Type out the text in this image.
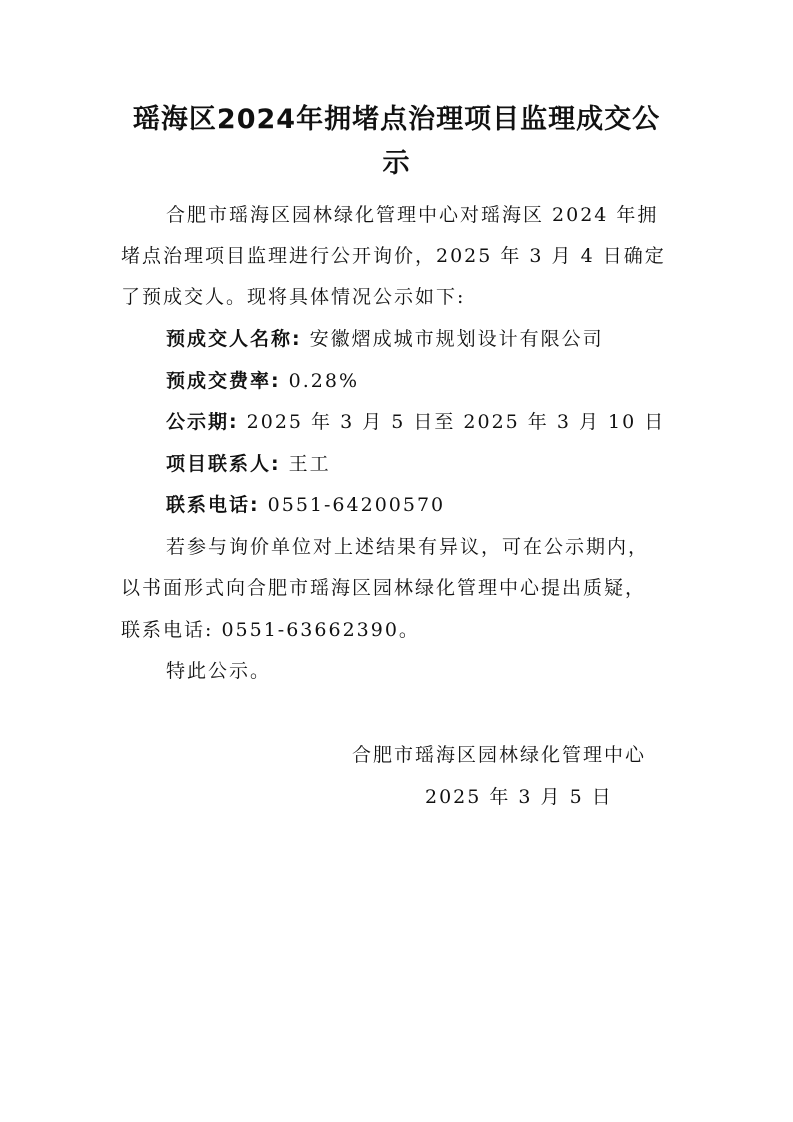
瑶海区2024年拥堵点治理项目监理成交公
示
合肥市瑶海区园林绿化管理中心对瑶海区 2024 年拥
堵点治理项目监理进行公开询价，2025 年 3 月 4 日确定
了预成交人。现将具体情况公示如下:
预成交人名称: 安徽熠成城市规划设计有限公司
预成交费率: 0.28%
公示期: 2025 年 3 月 5 日至 2025 年 3 月 10 日
项目联系人: 王工
联系电话: 0551-64200570
若参与询价单位对上述结果有异议，可在公示期内，
以书面形式向合肥市瑶海区园林绿化管理中心提出质疑，
联系电话: 0551-63662390。
特此公示。
合肥市瑶海区园林绿化管理中心
2025 年 3 月 5 日
